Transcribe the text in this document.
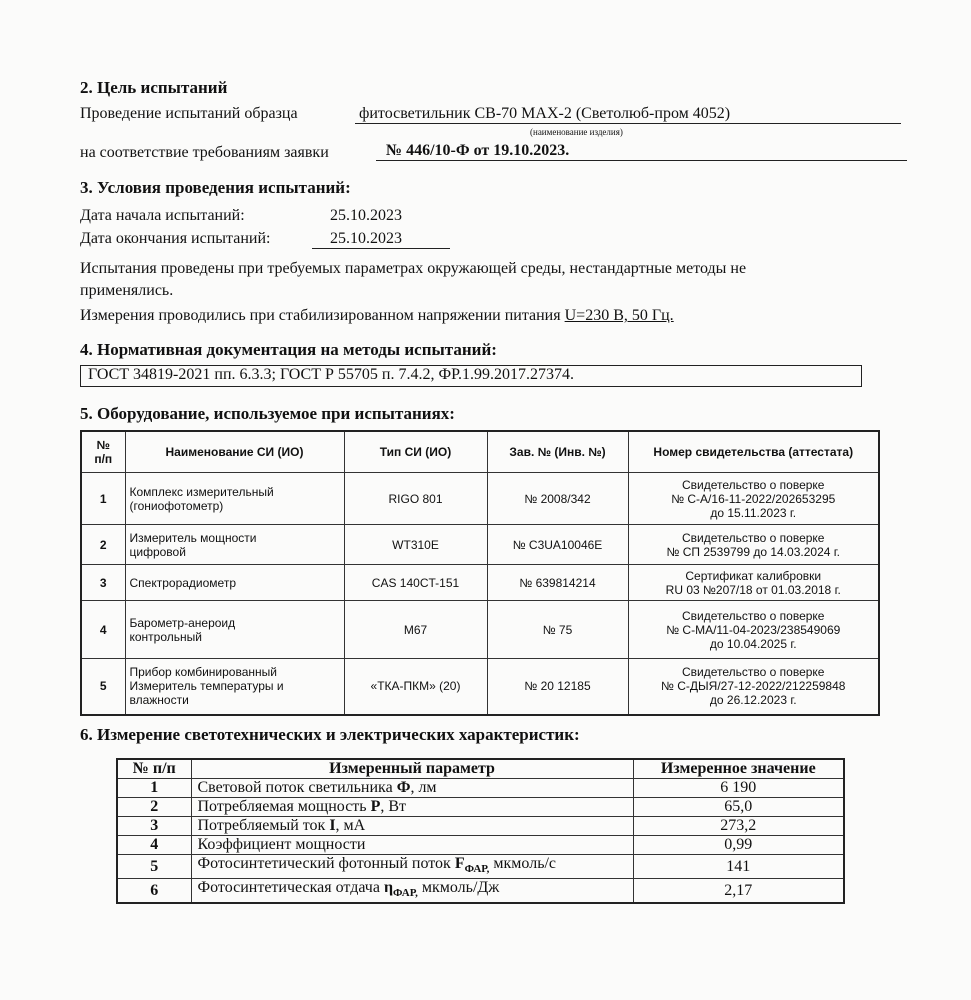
2. Цель испытаний
Проведение испытаний образца	фитосветильник СВ-70 MAX-2 (Светолюб-пром 4052)
(наименование изделия)
на соответствие требованиям заявки	№ 446/10-Ф от 19.10.2023.
3. Условия проведения испытаний:
Дата начала испытаний:	25.10.2023
Дата окончания испытаний:	25.10.2023
Испытания проведены при требуемых параметрах окружающей среды, нестандартные методы не
применялись.
Измерения проводились при стабилизированном напряжении питания U=230 В, 50 Гц.
4. Нормативная документация на методы испытаний:
ГОСТ 34819-2021 пп. 6.3.3; ГОСТ Р 55705 п. 7.4.2, ФР.1.99.2017.27374.
5. Оборудование, используемое при испытаниях:
№
п/п	Наименование СИ (ИО)	Тип СИ (ИО)	Зав. № (Инв. №)	Номер свидетельства (аттестата)
1	Комплекс измерительный
(гониофотометр)	RIGO 801	№ 2008/342	Свидетельство о поверке
№ С-А/16-11-2022/202653295
до 15.11.2023 г.
2	Измеритель мощности
цифровой	WT310E	№ C3UA10046E	Свидетельство о поверке
№ СП 2539799 до 14.03.2024 г.
3	Спектрорадиометр	CAS 140CT-151	№ 639814214	Сертификат калибровки
RU 03 №207/18 от 01.03.2018 г.
4	Барометр-анероид
контрольный	М67	№ 75	Свидетельство о поверке
№ С-МА/11-04-2023/238549069
до 10.04.2025 г.
5	Прибор комбинированный
Измеритель температуры и
влажности	«ТКА-ПКМ» (20)	№ 20 12185	Свидетельство о поверке
№ С-ДЫЯ/27-12-2022/212259848
до 26.12.2023 г.
6. Измерение светотехнических и электрических характеристик:
№ п/п	Измеренный параметр	Измеренное значение
1	Световой поток светильника Ф, лм	6 190
2	Потребляемая мощность P, Вт	65,0
3	Потребляемый ток I, мА	273,2
4	Коэффициент мощности	0,99
5	Фотосинтетический фотонный поток $F_{ФАР,}$ мкмоль/с	141
6	Фотосинтетическая отдача $\eta_{ФАР,}$ мкмоль/Дж	2,17
